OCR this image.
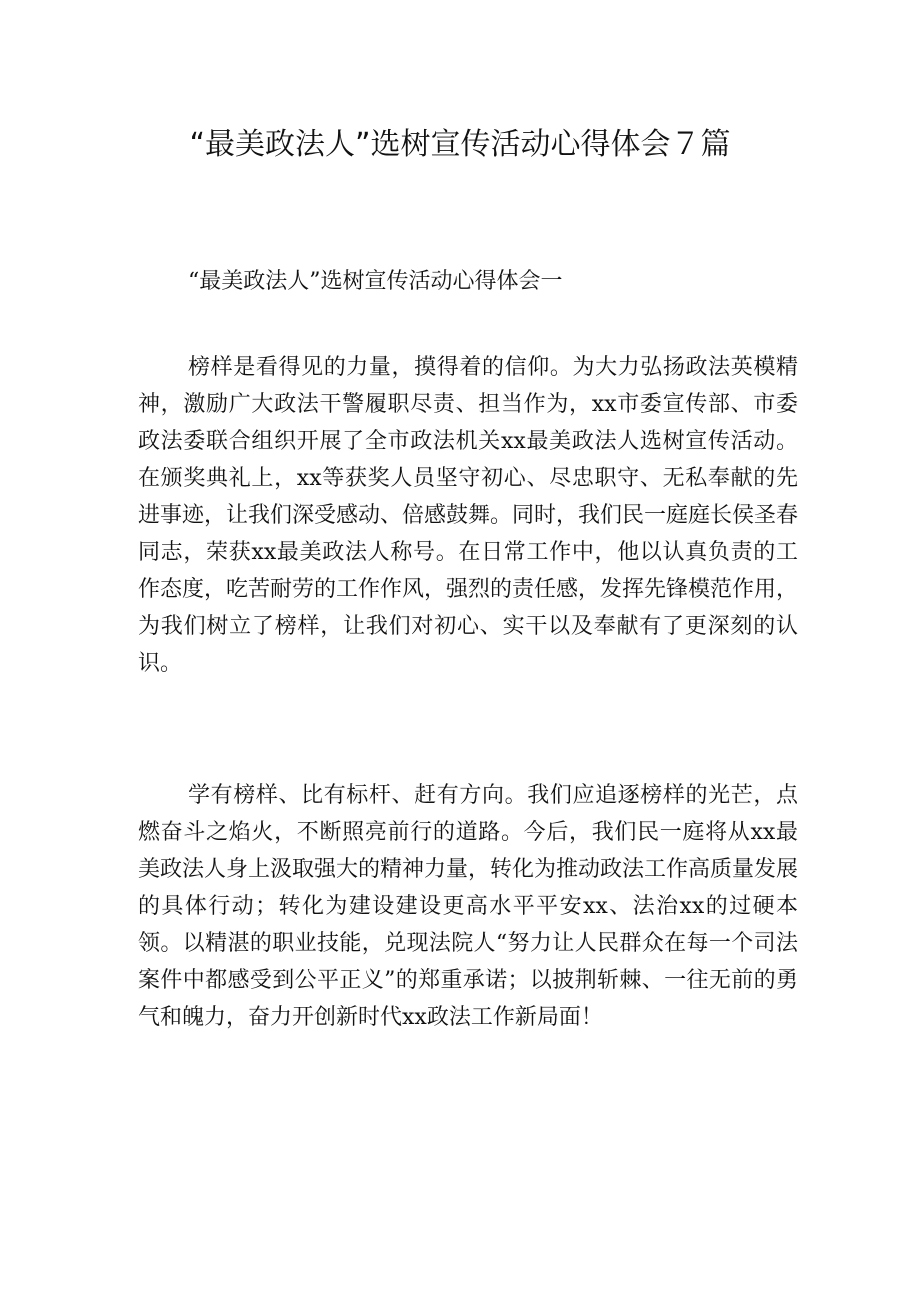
“最美政法人”选树宣传活动心得体会７篇
“最美政法人”选树宣传活动心得体会一

榜样是看得见的力量，摸得着的信仰。为大力弘扬政法英模精神，激励广大政法干警履职尽责、担当作为，xx市委宣传部、市委政法委联合组织开展了全市政法机关xx最美政法人选树宣传活动。在颁奖典礼上，xx等获奖人员坚守初心、尽忠职守、无私奉献的先进事迹，让我们深受感动、倍感鼓舞。同时，我们民一庭庭长侯圣春同志，荣获xx最美政法人称号。在日常工作中，他以认真负责的工作态度，吃苦耐劳的工作作风，强烈的责任感，发挥先锋模范作用，为我们树立了榜样，让我们对初心、实干以及奉献有了更深刻的认识。

学有榜样、比有标杆、赶有方向。我们应追逐榜样的光芒，点燃奋斗之焰火，不断照亮前行的道路。今后，我们民一庭将从xx最美政法人身上汲取强大的精神力量，转化为推动政法工作高质量发展的具体行动；转化为建设建设更高水平平安xx、法治xx的过硬本领。以精湛的职业技能，兑现法院人“努力让人民群众在每一个司法案件中都感受到公平正义”的郑重承诺；以披荆斩棘、一往无前的勇气和魄力，奋力开创新时代xx政法工作新局面！
